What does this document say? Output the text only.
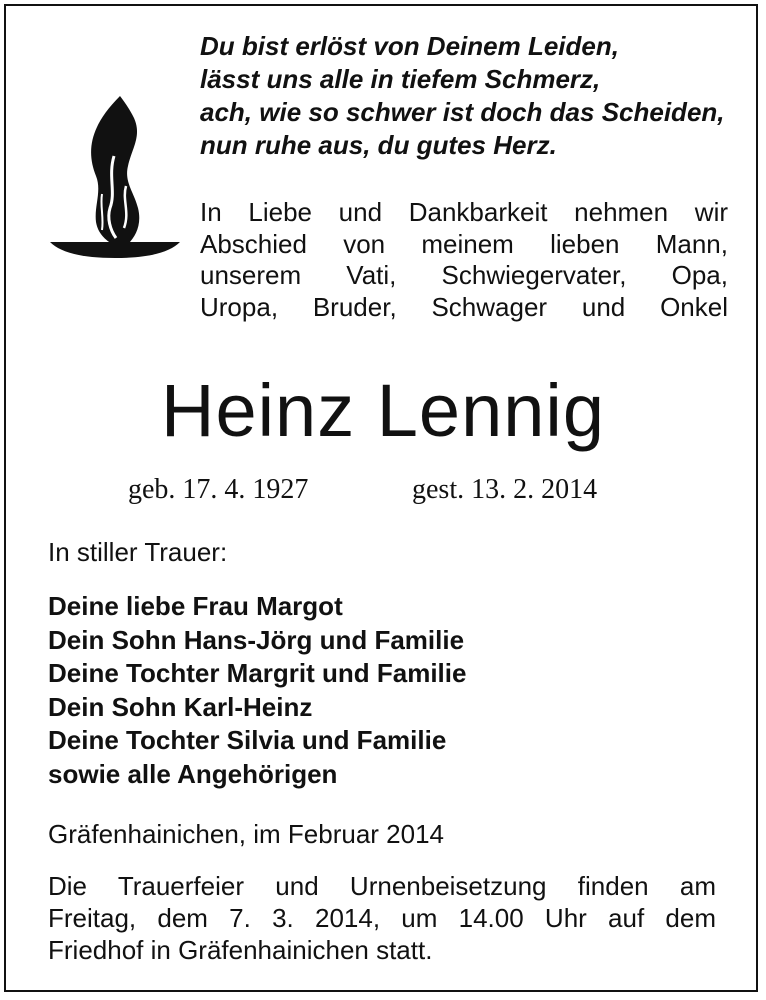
Du bist erlöst von Deinem Leiden,
lässt uns alle in tiefem Schmerz,
ach, wie so schwer ist doch das Scheiden,
nun ruhe aus, du gutes Herz.
In Liebe und Dankbarkeit nehmen wir
Abschied von meinem lieben Mann,
unserem Vati, Schwiegervater, Opa,
Uropa, Bruder, Schwager und Onkel
Heinz Lennig
geb. 17. 4. 1927	gest. 13. 2. 2014
In stiller Trauer:
Deine liebe Frau Margot
Dein Sohn Hans-Jörg und Familie
Deine Tochter Margrit und Familie
Dein Sohn Karl-Heinz
Deine Tochter Silvia und Familie
sowie alle Angehörigen
Gräfenhainichen, im Februar 2014
Die Trauerfeier und Urnenbeisetzung finden am
Freitag, dem 7. 3. 2014, um 14.00 Uhr auf dem
Friedhof in Gräfenhainichen statt.
